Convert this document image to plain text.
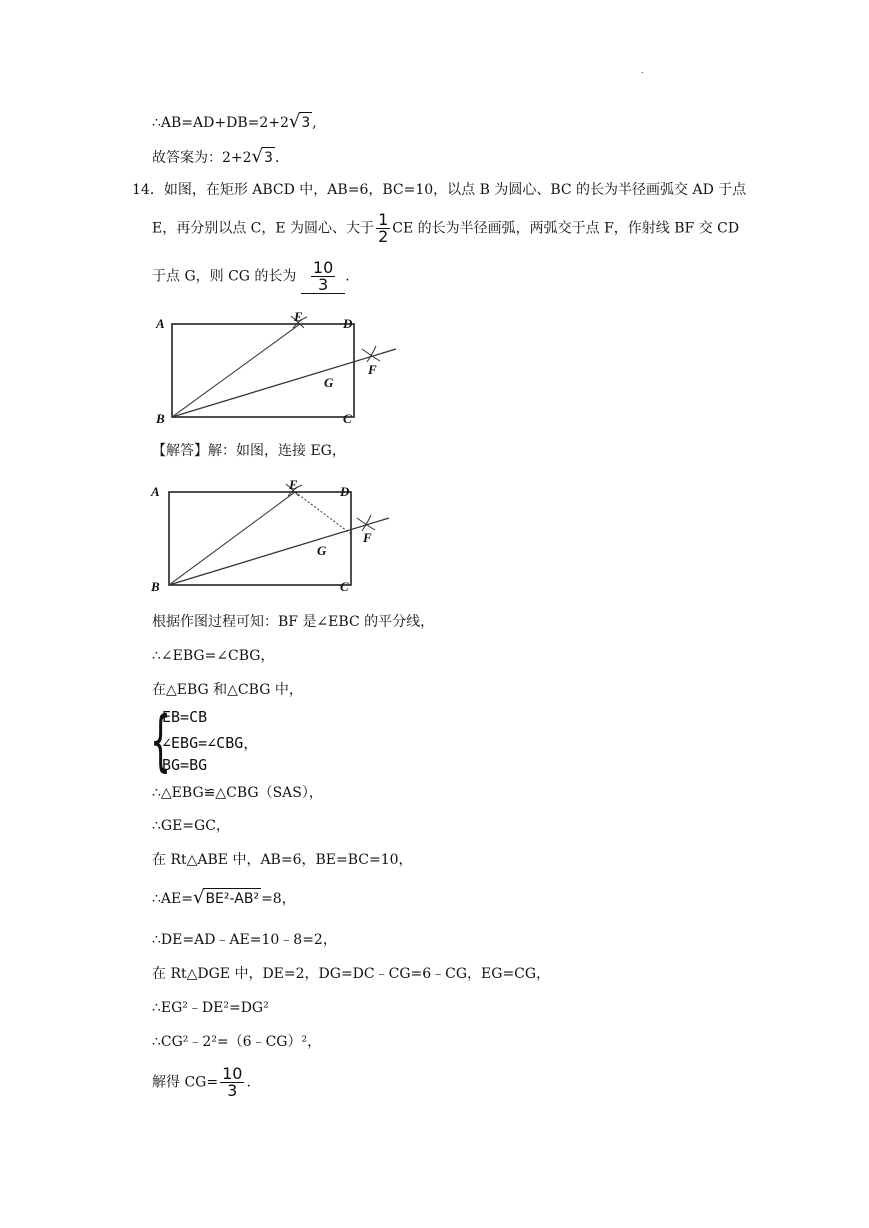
.
∴AB=AD+DB=2+2√3 ,
故答案为：2+2√3 .
14．如图，在矩形 ABCD 中，AB=6，BC=10，以点 B 为圆心、BC 的长为半径画弧交 AD 于点
E，再分别以点 C，E 为圆心、大于 $\frac{1}{2}$ CE 的长为半径画弧，两弧交于点 F，作射线 BF 交 CD
于点 G，则 CG 的长为 $\frac{10}{3}$ .
A
B	C
D
E
F
G
【解答】解：如图，连接 EG，
A
B	C
D
E
F
G
根据作图过程可知：BF 是∠EBC 的平分线，
∴∠EBG=∠CBG，
在△EBG 和△CBG 中，
{
EB=CB
∠EBG=∠CBG，
BG=BG
∴△EBG≌△CBG（SAS），
∴GE=GC，
在 Rt△ABE 中，AB=6，BE=BC=10，
∴AE=√BE²-AB² =8，
∴DE=AD﹣AE=10﹣8=2，
在 Rt△DGE 中，DE=2，DG=DC﹣CG=6﹣CG，EG=CG，
∴EG²﹣DE²=DG²
∴CG²﹣2²=（6﹣CG）²，
解得 $CG= \frac{10}{3}$ .
